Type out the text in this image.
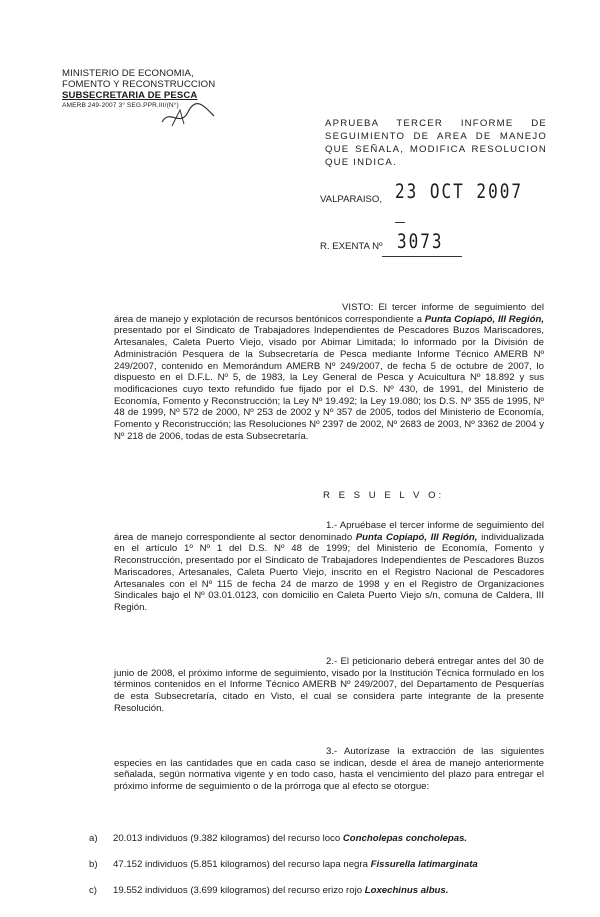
MINISTERIO DE ECONOMIA,
FOMENTO Y RECONSTRUCCION
SUBSECRETARIA DE PESCA
AMERB 249-2007 3° SEG.PPR.III/(N°)
APRUEBA TERCER INFORME DE SEGUIMIENTO DE AREA DE MANEJO QUE SEÑALA, MODIFICA RESOLUCION QUE INDICA.
VALPARAISO, 23 OCT 2007
R. EXENTA Nº 3073
VISTO: El tercer informe de seguimiento del área de manejo y explotación de recursos bentónicos correspondiente a Punta Copiapó, III Región, presentado por el Sindicato de Trabajadores Independientes de Pescadores Buzos Mariscadores, Artesanales, Caleta Puerto Viejo, visado por Abimar Limitada; lo informado por la División de Administración Pesquera de la Subsecretaría de Pesca mediante Informe Técnico AMERB Nº 249/2007, contenido en Memorándum AMERB Nº 249/2007, de fecha 5 de octubre de 2007, lo dispuesto en el D.F.L. Nº 5, de 1983, la Ley General de Pesca y Acuicultura Nº 18.892 y sus modificaciones cuyo texto refundido fue fijado por el D.S. Nº 430, de 1991, del Ministerio de Economía, Fomento y Reconstrucción; la Ley Nº 19.492; la Ley 19.080; los D.S. Nº 355 de 1995, Nº 48 de 1999, Nº 572 de 2000, Nº 253 de 2002 y Nº 357 de 2005, todos del Ministerio de Economía, Fomento y Reconstrucción; las Resoluciones Nº 2397 de 2002, Nº 2683 de 2003, Nº 3362 de 2004 y Nº 218 de 2006, todas de esta Subsecretaría.
R E S U E L V O:
1.- Apruébase el tercer informe de seguimiento del área de manejo correspondiente al sector denominado Punta Copiapó, III Región, individualizada en el artículo 1º Nº 1 del D.S. Nº 48 de 1999; del Ministerio de Economía, Fomento y Reconstrucción, presentado por el Sindicato de Trabajadores Independientes de Pescadores Buzos Mariscadores, Artesanales, Caleta Puerto Viejo, inscrito en el Registro Nacional de Pescadores Artesanales con el Nº 115 de fecha 24 de marzo de 1998 y en el Registro de Organizaciones Sindicales bajo el Nº 03.01.0123, con domicilio en Caleta Puerto Viejo s/n, comuna de Caldera, III Región.
2.- El peticionario deberá entregar antes del 30 de junio de 2008, el próximo informe de seguimiento, visado por la Institución Técnica formulado en los términos contenidos en el Informe Técnico AMERB Nº 249/2007, del Departamento de Pesquerías de esta Subsecretaría, citado en Visto, el cual se considera parte integrante de la presente Resolución.
3.- Autorízase la extracción de las siguientes especies en las cantidades que en cada caso se indican, desde el área de manejo anteriormente señalada, según normativa vigente y en todo caso, hasta el vencimiento del plazo para entregar el próximo informe de seguimiento o de la prórroga que al efecto se otorgue:
a) 20.013 individuos (9.382 kilogramos) del recurso loco Concholepas concholepas.
b) 47.152 individuos (5.851 kilogramos) del recurso lapa negra Fissurella latimarginata
c) 19.552 individuos (3.699 kilogramos) del recurso erizo rojo Loxechinus albus.
